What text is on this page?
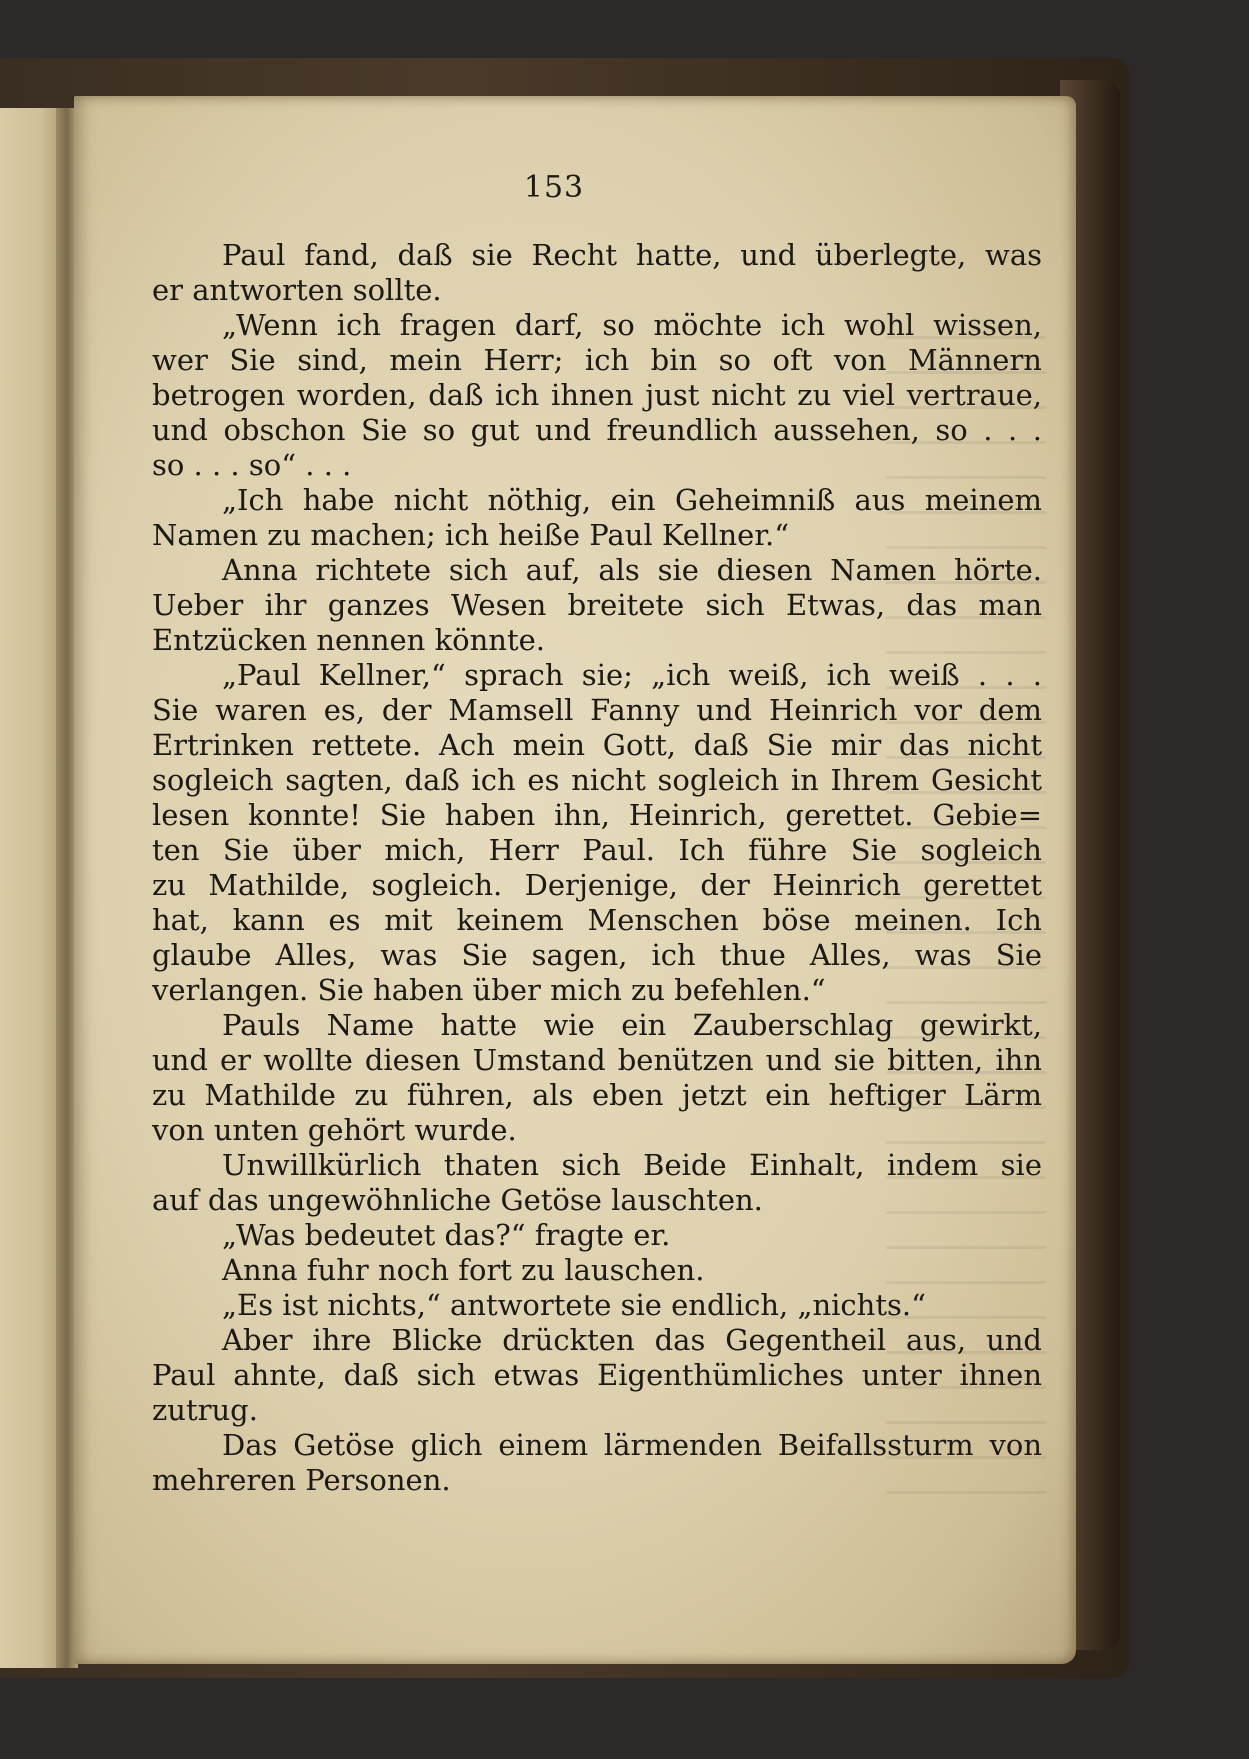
153
Paul fand, daß sie Recht hatte, und überlegte, was
er antworten sollte.
„Wenn ich fragen darf, so möchte ich wohl wissen,
wer Sie sind, mein Herr; ich bin so oft von Männern
betrogen worden, daß ich ihnen just nicht zu viel vertraue,
und obschon Sie so gut und freundlich aussehen, so . . .
so . . . so“ . . .
„Ich habe nicht nöthig, ein Geheimniß aus meinem
Namen zu machen; ich heiße Paul Kellner.“
Anna richtete sich auf, als sie diesen Namen hörte.
Ueber ihr ganzes Wesen breitete sich Etwas, das man
Entzücken nennen könnte.
„Paul Kellner,“ sprach sie; „ich weiß, ich weiß . . .
Sie waren es, der Mamsell Fanny und Heinrich vor dem
Ertrinken rettete. Ach mein Gott, daß Sie mir das nicht
sogleich sagten, daß ich es nicht sogleich in Ihrem Gesicht
lesen konnte! Sie haben ihn, Heinrich, gerettet. Gebie=
ten Sie über mich, Herr Paul. Ich führe Sie sogleich
zu Mathilde, sogleich. Derjenige, der Heinrich gerettet
hat, kann es mit keinem Menschen böse meinen. Ich
glaube Alles, was Sie sagen, ich thue Alles, was Sie
verlangen. Sie haben über mich zu befehlen.“
Pauls Name hatte wie ein Zauberschlag gewirkt,
und er wollte diesen Umstand benützen und sie bitten, ihn
zu Mathilde zu führen, als eben jetzt ein heftiger Lärm
von unten gehört wurde.
Unwillkürlich thaten sich Beide Einhalt, indem sie
auf das ungewöhnliche Getöse lauschten.
„Was bedeutet das?“ fragte er.
Anna fuhr noch fort zu lauschen.
„Es ist nichts,“ antwortete sie endlich, „nichts.“
Aber ihre Blicke drückten das Gegentheil aus, und
Paul ahnte, daß sich etwas Eigenthümliches unter ihnen
zutrug.
Das Getöse glich einem lärmenden Beifallssturm von
mehreren Personen.
